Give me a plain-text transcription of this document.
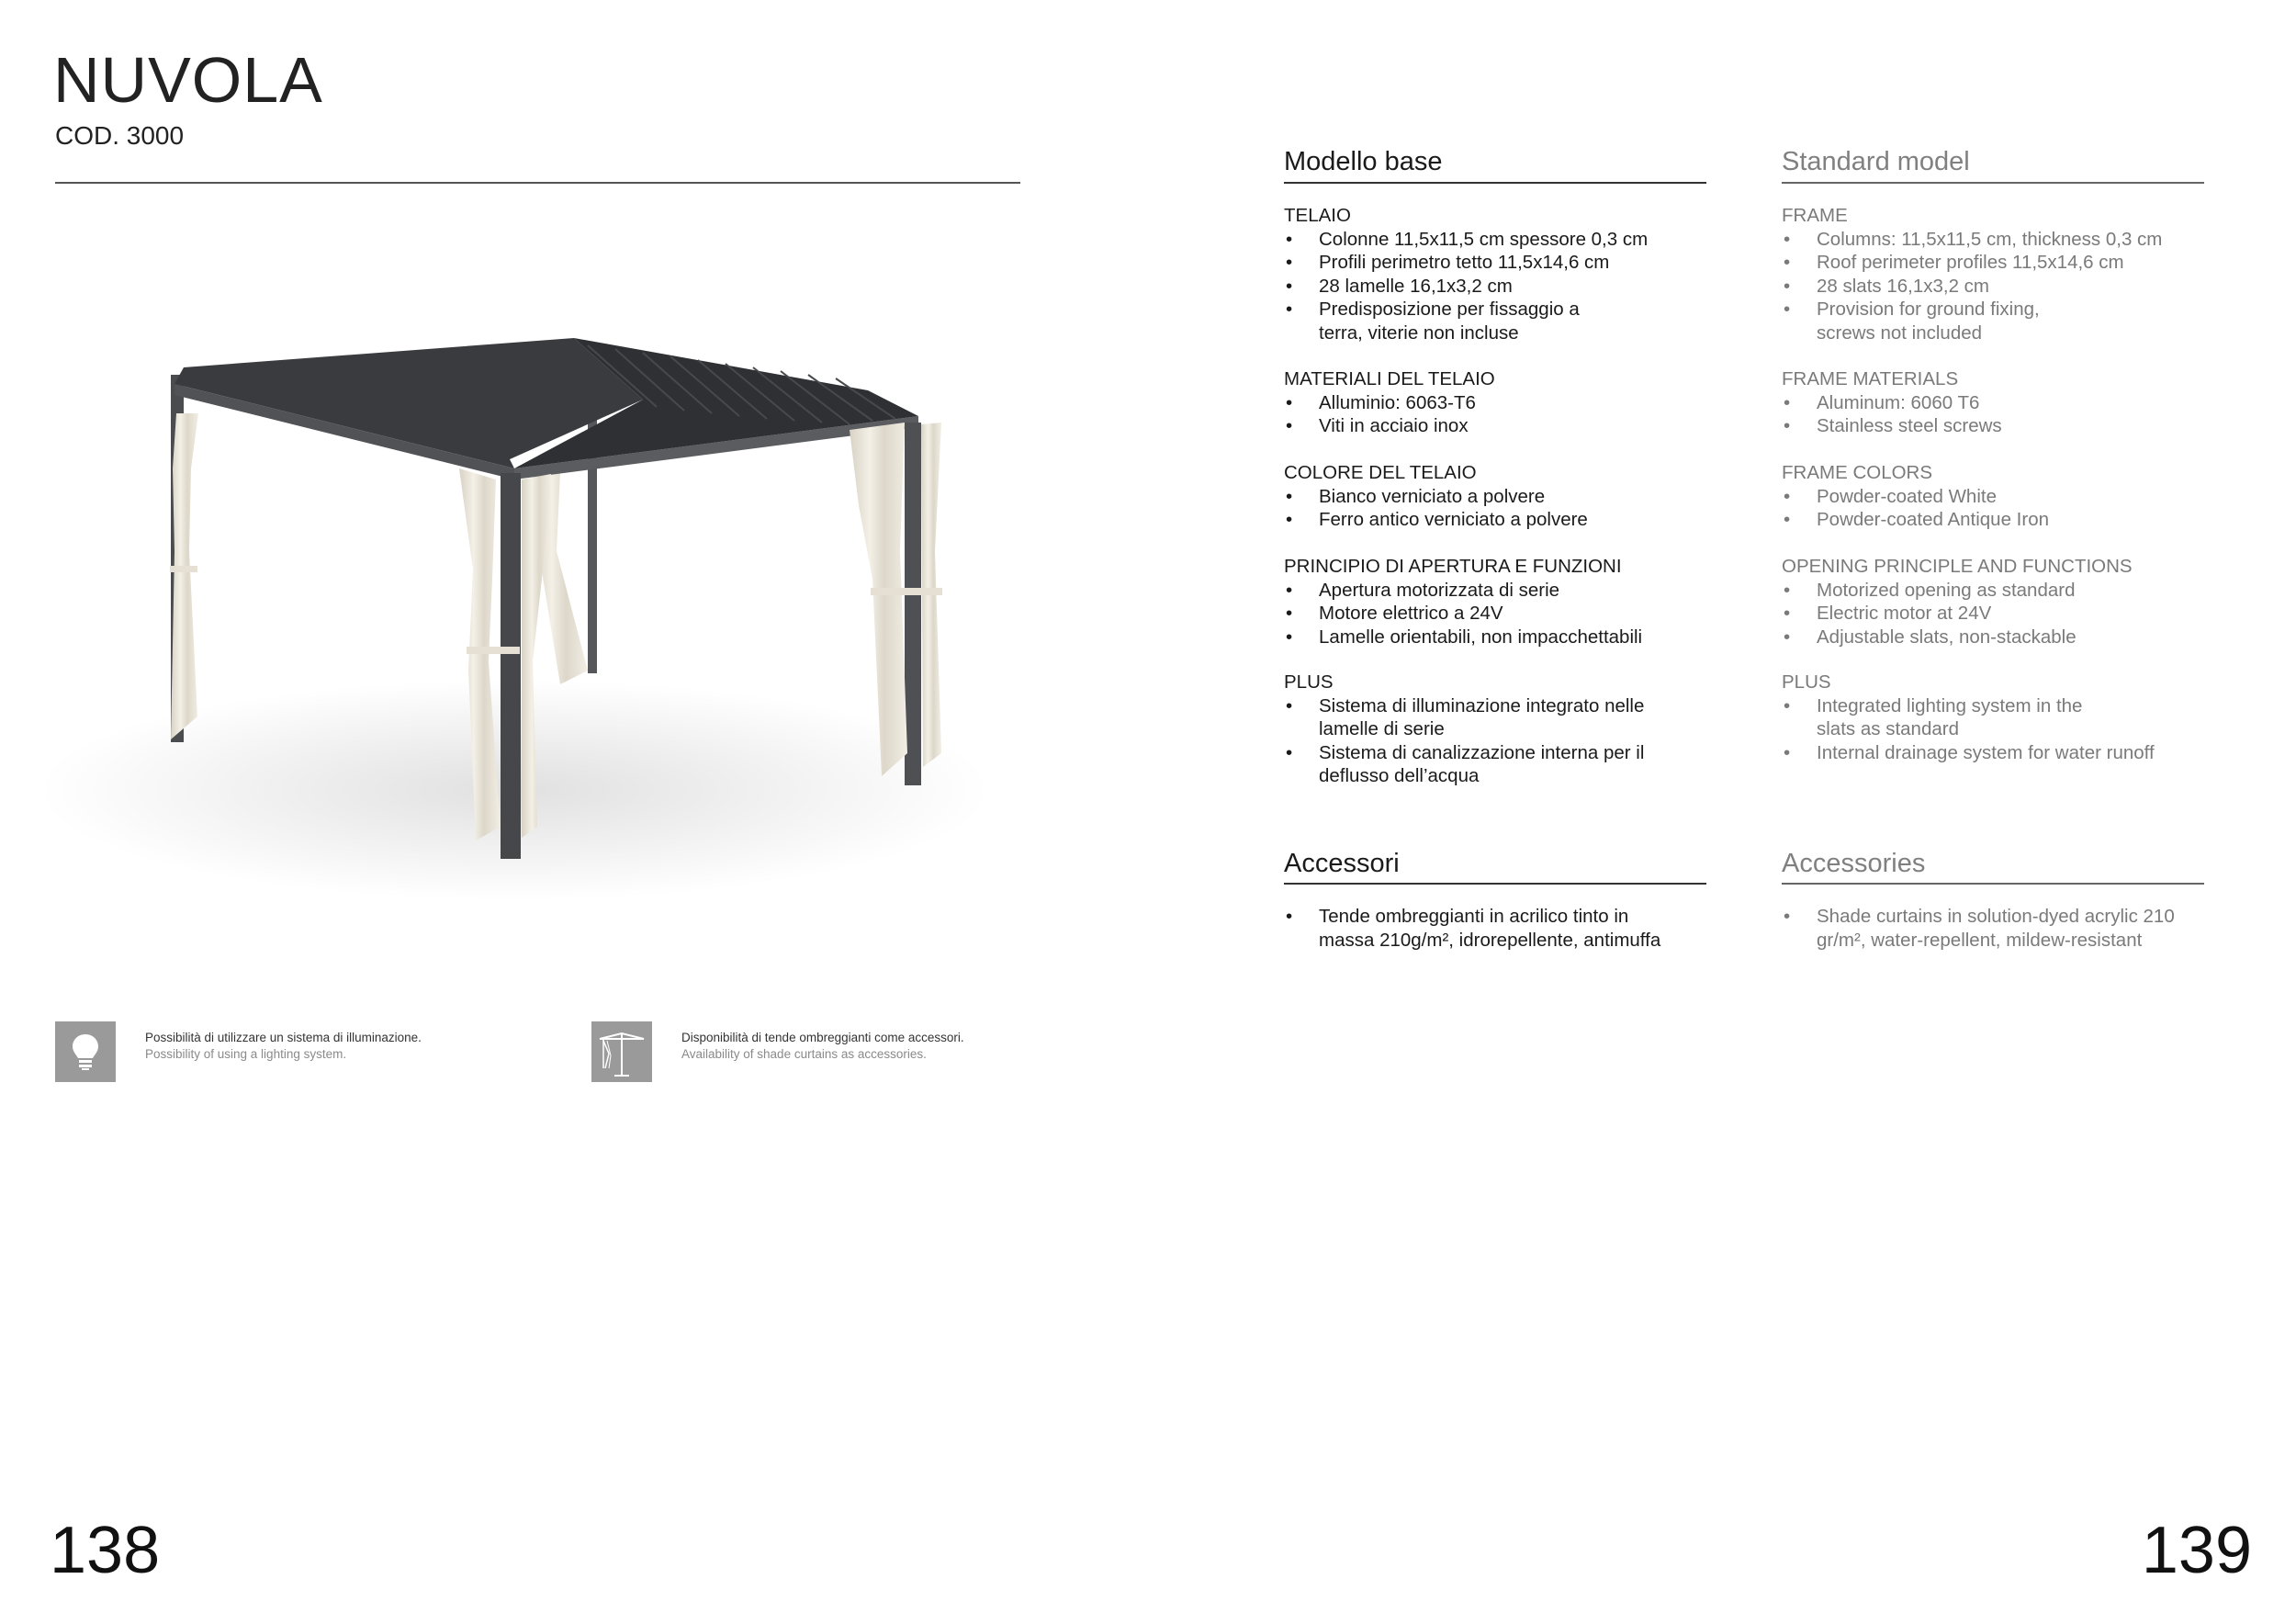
NUVOLA
COD. 3000
Modello base
TELAIO
• Colonne 11,5x11,5 cm spessore 0,3 cm
• Profili perimetro tetto 11,5x14,6 cm
• 28 lamelle 16,1x3,2 cm
• Predisposizione per fissaggio a terra, viterie non incluse
MATERIALI DEL TELAIO
• Alluminio: 6063-T6
• Viti in acciaio inox
COLORE DEL TELAIO
• Bianco verniciato a polvere
• Ferro antico verniciato a polvere
PRINCIPIO DI APERTURA E FUNZIONI
• Apertura motorizzata di serie
• Motore elettrico a 24V
• Lamelle orientabili, non impacchettabili
PLUS
• Sistema di illuminazione integrato nelle lamelle di serie
• Sistema di canalizzazione interna per il deflusso dell’acqua
Accessori
• Tende ombreggianti in acrilico tinto in massa 210g/m², idrorepellente, antimuffa
Standard model
FRAME
• Columns: 11,5x11,5 cm, thickness 0,3 cm
• Roof perimeter profiles 11,5x14,6 cm
• 28 slats 16,1x3,2 cm
• Provision for ground fixing, screws not included
FRAME MATERIALS
• Aluminum: 6060 T6
• Stainless steel screws
FRAME COLORS
• Powder-coated White
• Powder-coated Antique Iron
OPENING PRINCIPLE AND FUNCTIONS
• Motorized opening as standard
• Electric motor at 24V
• Adjustable slats, non-stackable
PLUS
• Integrated lighting system in the slats as standard
• Internal drainage system for water runoff
Accessories
• Shade curtains in solution-dyed acrylic 210 gr/m², water-repellent, mildew-resistant
Possibilità di utilizzare un sistema di illuminazione.
Possibility of using a lighting system.
Disponibilità di tende ombreggianti come accessori.
Availability of shade curtains as accessories.
138	139
